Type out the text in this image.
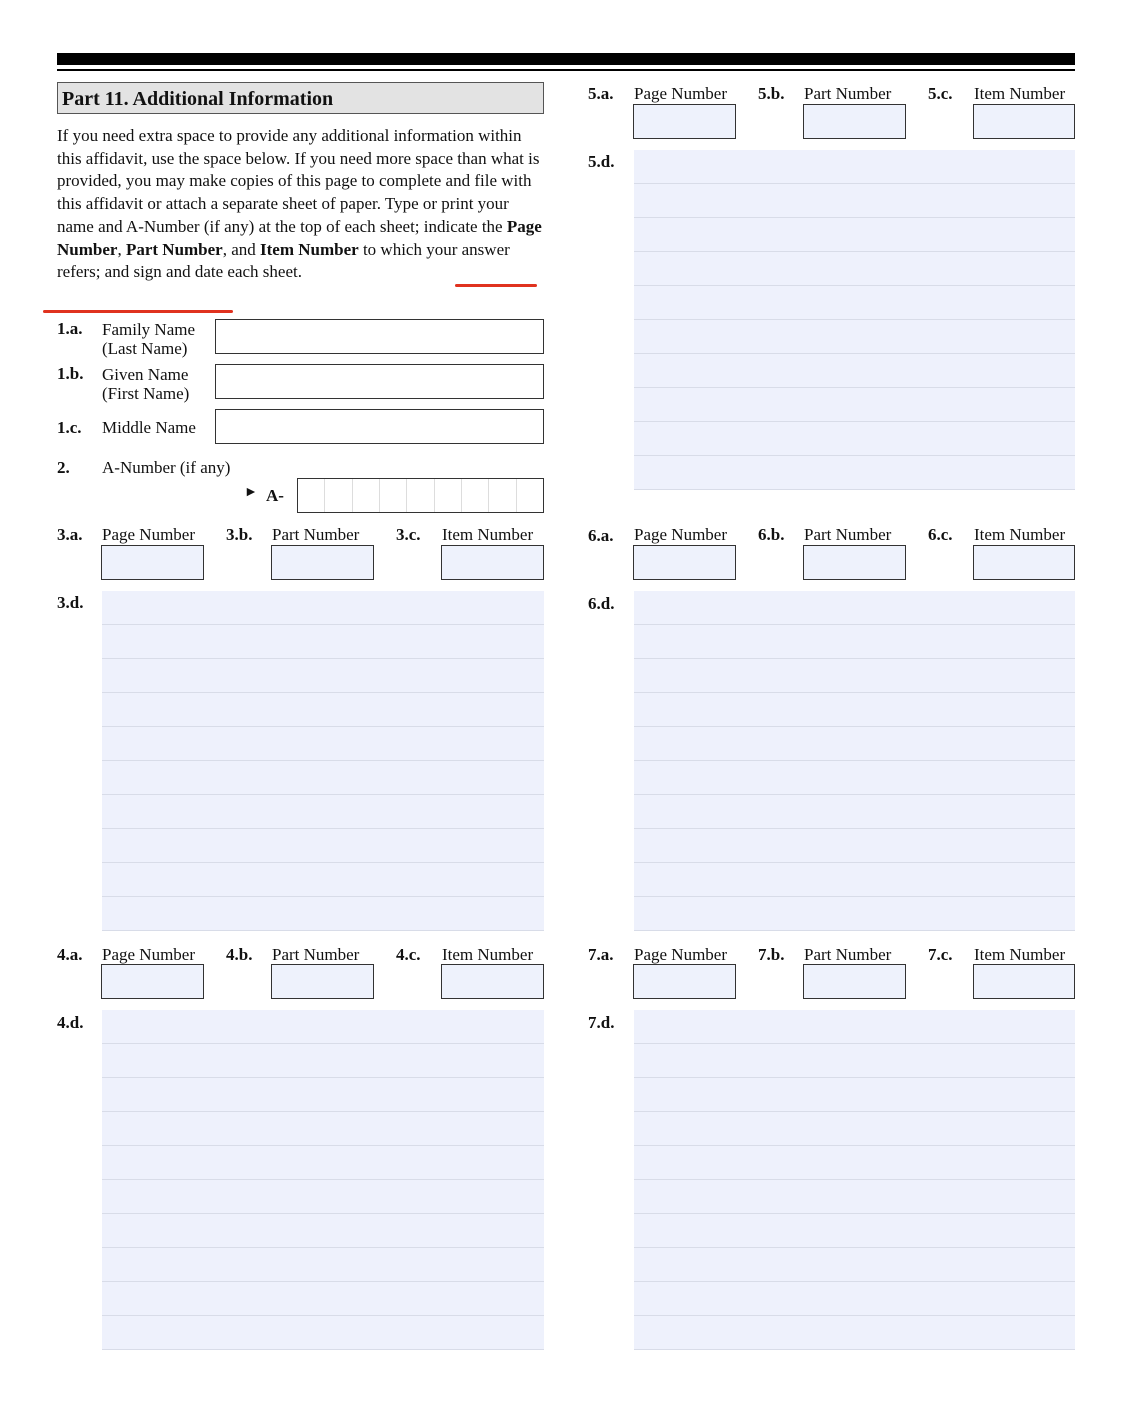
Part 11. Additional Information
If you need extra space to provide any additional information within this affidavit, use the space below. If you need more space than what is provided, you may make copies of this page to complete and file with this affidavit or attach a separate sheet of paper. Type or print your name and A-Number (if any) at the top of each sheet; indicate the Page Number, Part Number, and Item Number to which your answer refers; and sign and date each sheet.
1.a. Family Name
(Last Name)
1.b. Given Name
(First Name)
1.c. Middle Name
2. A-Number (if any)
► A-
3.a. Page Number 3.b. Part Number 3.c. Item Number
3.d.
4.a. Page Number 4.b. Part Number 4.c. Item Number
4.d.
5.a. Page Number 5.b. Part Number 5.c. Item Number
5.d.
6.a. Page Number 6.b. Part Number 6.c. Item Number
6.d.
7.a. Page Number 7.b. Part Number 7.c. Item Number
7.d.
